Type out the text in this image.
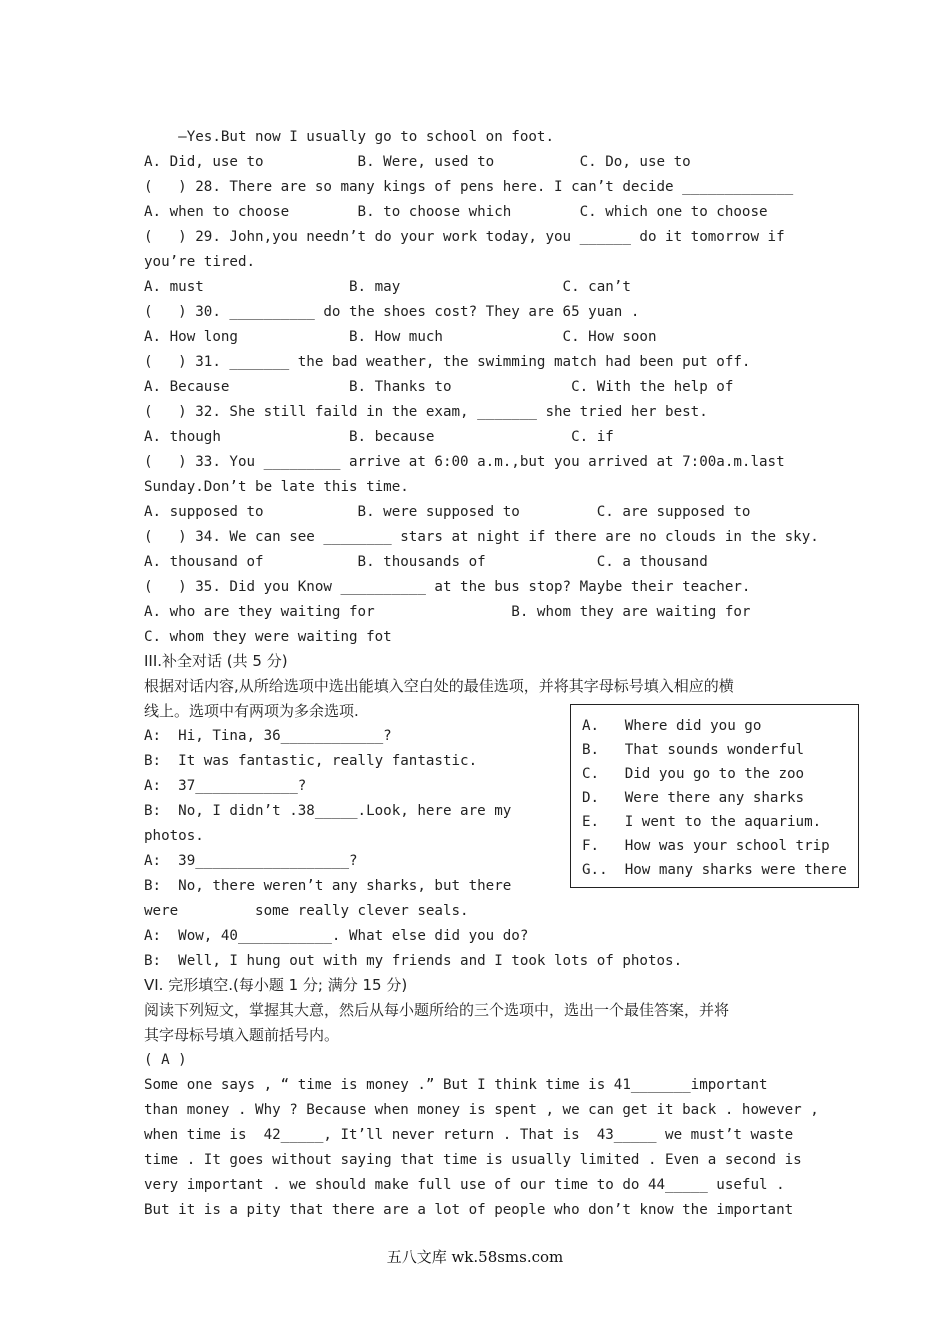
—Yes.But now I usually go to school on foot.
A. Did, use to           B. Were, used to          C. Do, use to
(   ) 28. There are so many kings of pens here. I can’t decide _____________
A. when to choose        B. to choose which        C. which one to choose
(   ) 29. John,you needn’t do your work today, you ______ do it tomorrow if
you’re tired.
A. must                 B. may                   C. can’t
(   ) 30. __________ do the shoes cost? They are 65 yuan .
A. How long             B. How much              C. How soon
(   ) 31. _______ the bad weather, the swimming match had been put off.
A. Because              B. Thanks to              C. With the help of
(   ) 32. She still faild in the exam, _______ she tried her best.
A. though               B. because                C. if
(   ) 33. You _________ arrive at 6:00 a.m.,but you arrived at 7:00a.m.last
Sunday.Don’t be late this time.
A. supposed to           B. were supposed to         C. are supposed to
(   ) 34. We can see ________ stars at night if there are no clouds in the sky.
A. thousand of           B. thousands of             C. a thousand
(   ) 35. Did you Know __________ at the bus stop? Maybe their teacher.
A. who are they waiting for                B. whom they are waiting for
C. whom they were waiting fot
III.补全对话 (共 5 分)
根据对话内容,从所给选项中选出能填入空白处的最佳选项，并将其字母标号填入相应的横
线上。选项中有两项为多余选项.
A:  Hi, Tina, 36____________?
B:  It was fantastic, really fantastic.
A:  37____________?
B:  No, I didn’t .38_____.Look, here are my
photos.
A:  39__________________?
B:  No, there weren’t any sharks, but there
were         some really clever seals.
A:  Wow, 40___________. What else did you do?
B:  Well, I hung out with my friends and I took lots of photos.
VI. 完形填空.(每小题 1 分; 满分 15 分)
阅读下列短文，掌握其大意，然后从每小题所给的三个选项中，选出一个最佳答案，并将
其字母标号填入题前括号内。
( A )
Some one says , “ time is money .” But I think time is 41_______important
than money . Why ? Because when money is spent , we can get it back . however ,
when time is  42_____, It’ll never return . That is  43_____ we must’t waste
time . It goes without saying that time is usually limited . Even a second is
very important . we should make full use of our time to do 44_____ useful .
But it is a pity that there are a lot of people who don’t know the important
A.   Where did you go
B.   That sounds wonderful
C.   Did you go to the zoo
D.   Were there any sharks
E.   I went to the aquarium.
F.   How was your school trip
G..  How many sharks were there
五八文库 wk.58sms.com
